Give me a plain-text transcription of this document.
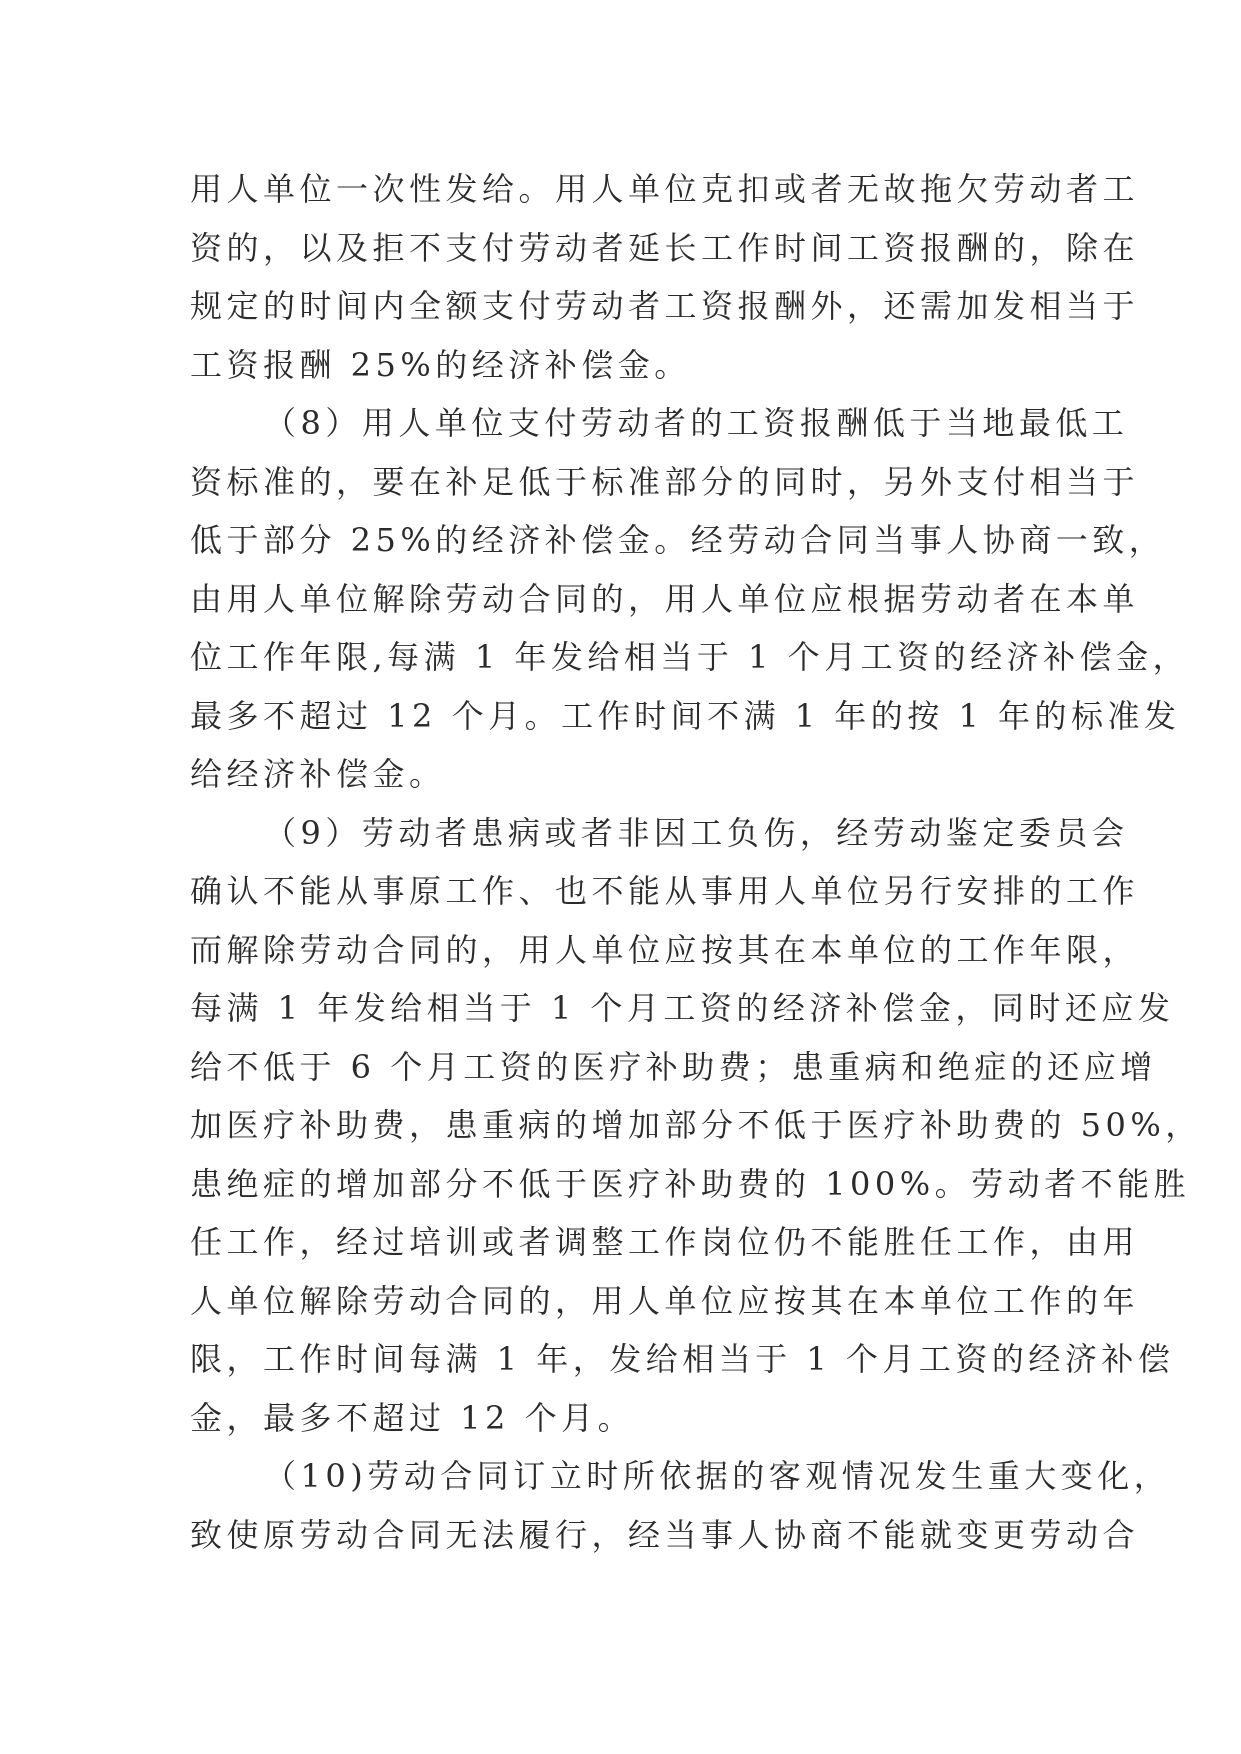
用人单位一次性发给。用人单位克扣或者无故拖欠劳动者工
资的，以及拒不支付劳动者延长工作时间工资报酬的，除在
规定的时间内全额支付劳动者工资报酬外，还需加发相当于
工资报酬 25%的经济补偿金。
（8）用人单位支付劳动者的工资报酬低于当地最低工
资标准的，要在补足低于标准部分的同时，另外支付相当于
低于部分 25%的经济补偿金。经劳动合同当事人协商一致，
由用人单位解除劳动合同的，用人单位应根据劳动者在本单
位工作年限,每满 1 年发给相当于 1 个月工资的经济补偿金，
最多不超过 12 个月。工作时间不满 1 年的按 1 年的标准发
给经济补偿金。
（9）劳动者患病或者非因工负伤，经劳动鉴定委员会
确认不能从事原工作、也不能从事用人单位另行安排的工作
而解除劳动合同的，用人单位应按其在本单位的工作年限，
每满 1 年发给相当于 1 个月工资的经济补偿金，同时还应发
给不低于 6 个月工资的医疗补助费；患重病和绝症的还应增
加医疗补助费，患重病的增加部分不低于医疗补助费的 50%，
患绝症的增加部分不低于医疗补助费的 100%。劳动者不能胜
任工作，经过培训或者调整工作岗位仍不能胜任工作，由用
人单位解除劳动合同的，用人单位应按其在本单位工作的年
限，工作时间每满 1 年，发给相当于 1 个月工资的经济补偿
金，最多不超过 12 个月。
（10)劳动合同订立时所依据的客观情况发生重大变化，
致使原劳动合同无法履行，经当事人协商不能就变更劳动合
